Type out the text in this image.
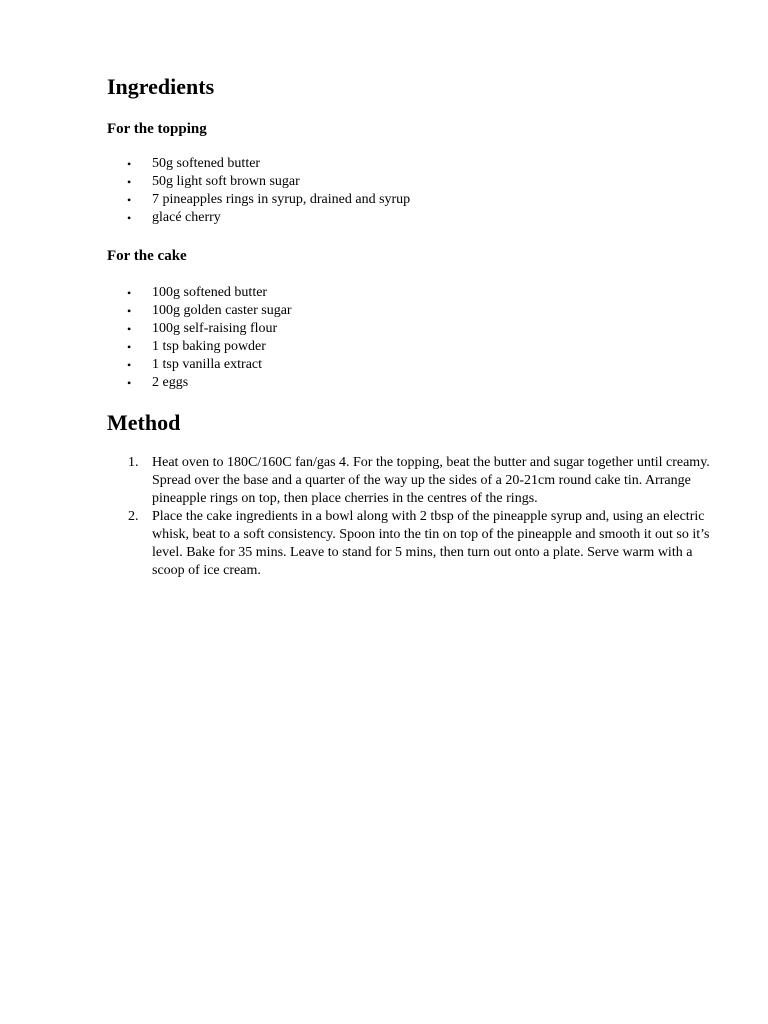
Ingredients
For the topping
• 50g softened butter
• 50g light soft brown sugar
• 7 pineapples rings in syrup, drained and syrup
• glacé cherry
For the cake
• 100g softened butter
• 100g golden caster sugar
• 100g self-raising flour
• 1 tsp baking powder
• 1 tsp vanilla extract
• 2 eggs
Method
1. Heat oven to 180C/160C fan/gas 4. For the topping, beat the butter and sugar together until creamy. Spread over the base and a quarter of the way up the sides of a 20-21cm round cake tin. Arrange pineapple rings on top, then place cherries in the centres of the rings.
2. Place the cake ingredients in a bowl along with 2 tbsp of the pineapple syrup and, using an electric whisk, beat to a soft consistency. Spoon into the tin on top of the pineapple and smooth it out so it’s level. Bake for 35 mins. Leave to stand for 5 mins, then turn out onto a plate. Serve warm with a scoop of ice cream.
